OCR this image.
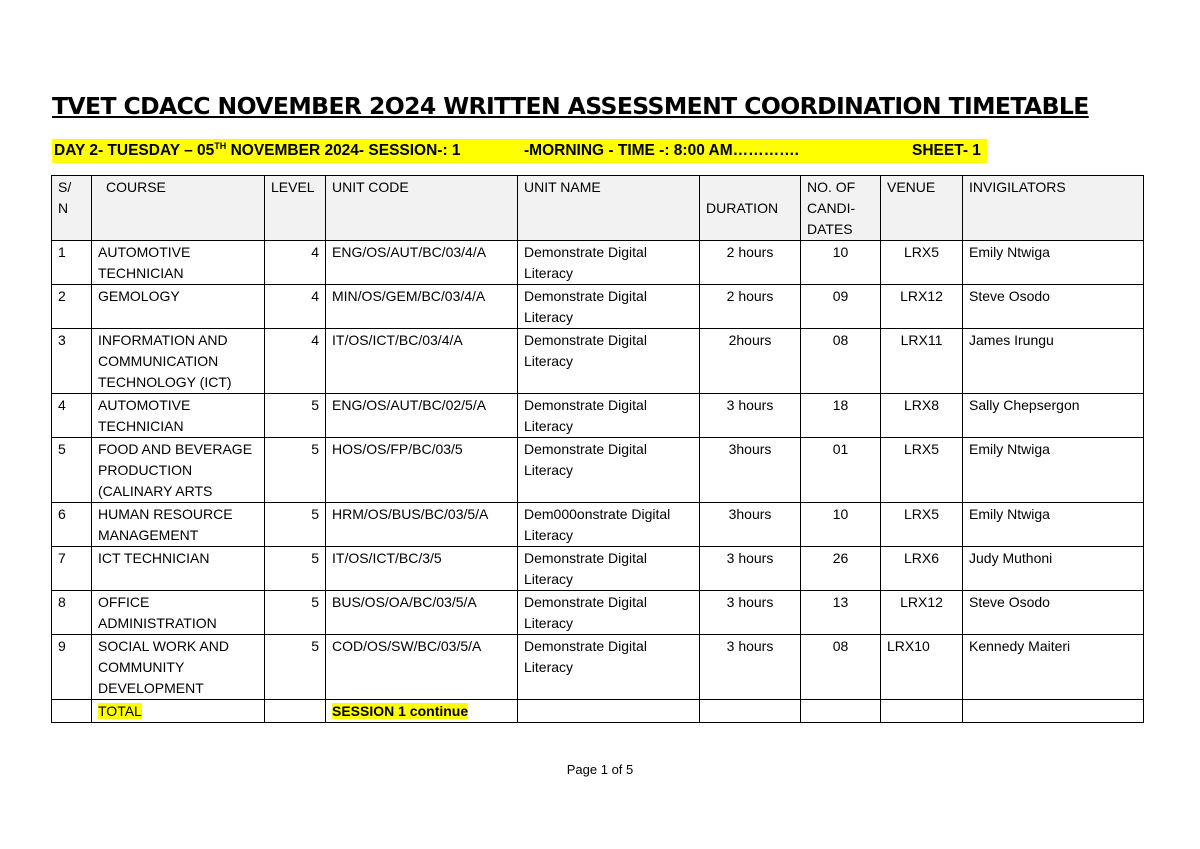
TVET CDACC NOVEMBER 2O24 WRITTEN ASSESSMENT COORDINATION TIMETABLE
DAY 2- TUESDAY – 05TH NOVEMBER 2024- SESSION-: 1	-MORNING - TIME -: 8:00 AM………….	SHEET- 1
S/ N	COURSE	LEVEL	UNIT CODE	UNIT NAME	DURATION	NO. OF CANDI- DATES	VENUE	INVIGILATORS
1	AUTOMOTIVE TECHNICIAN	4	ENG/OS/AUT/BC/03/4/A	Demonstrate Digital Literacy	2 hours	10	LRX5	Emily Ntwiga
2	GEMOLOGY	4	MIN/OS/GEM/BC/03/4/A	Demonstrate Digital Literacy	2 hours	09	LRX12	Steve Osodo
3	INFORMATION AND COMMUNICATION TECHNOLOGY (ICT)	4	IT/OS/ICT/BC/03/4/A	Demonstrate Digital Literacy	2hours	08	LRX11	James Irungu
4	AUTOMOTIVE TECHNICIAN	5	ENG/OS/AUT/BC/02/5/A	Demonstrate Digital Literacy	3 hours	18	LRX8	Sally Chepsergon
5	FOOD AND BEVERAGE PRODUCTION (CALINARY ARTS	5	HOS/OS/FP/BC/03/5	Demonstrate Digital Literacy	3hours	01	LRX5	Emily Ntwiga
6	HUMAN RESOURCE MANAGEMENT	5	HRM/OS/BUS/BC/03/5/A	Dem000onstrate Digital Literacy	3hours	10	LRX5	Emily Ntwiga
7	ICT TECHNICIAN	5	IT/OS/ICT/BC/3/5	Demonstrate Digital Literacy	3 hours	26	LRX6	Judy Muthoni
8	OFFICE ADMINISTRATION	5	BUS/OS/OA/BC/03/5/A	Demonstrate Digital Literacy	3 hours	13	LRX12	Steve Osodo
9	SOCIAL WORK AND COMMUNITY DEVELOPMENT	5	COD/OS/SW/BC/03/5/A	Demonstrate Digital Literacy	3 hours	08	LRX10	Kennedy Maiteri
	TOTAL		SESSION 1 continue					
Page 1 of 5
